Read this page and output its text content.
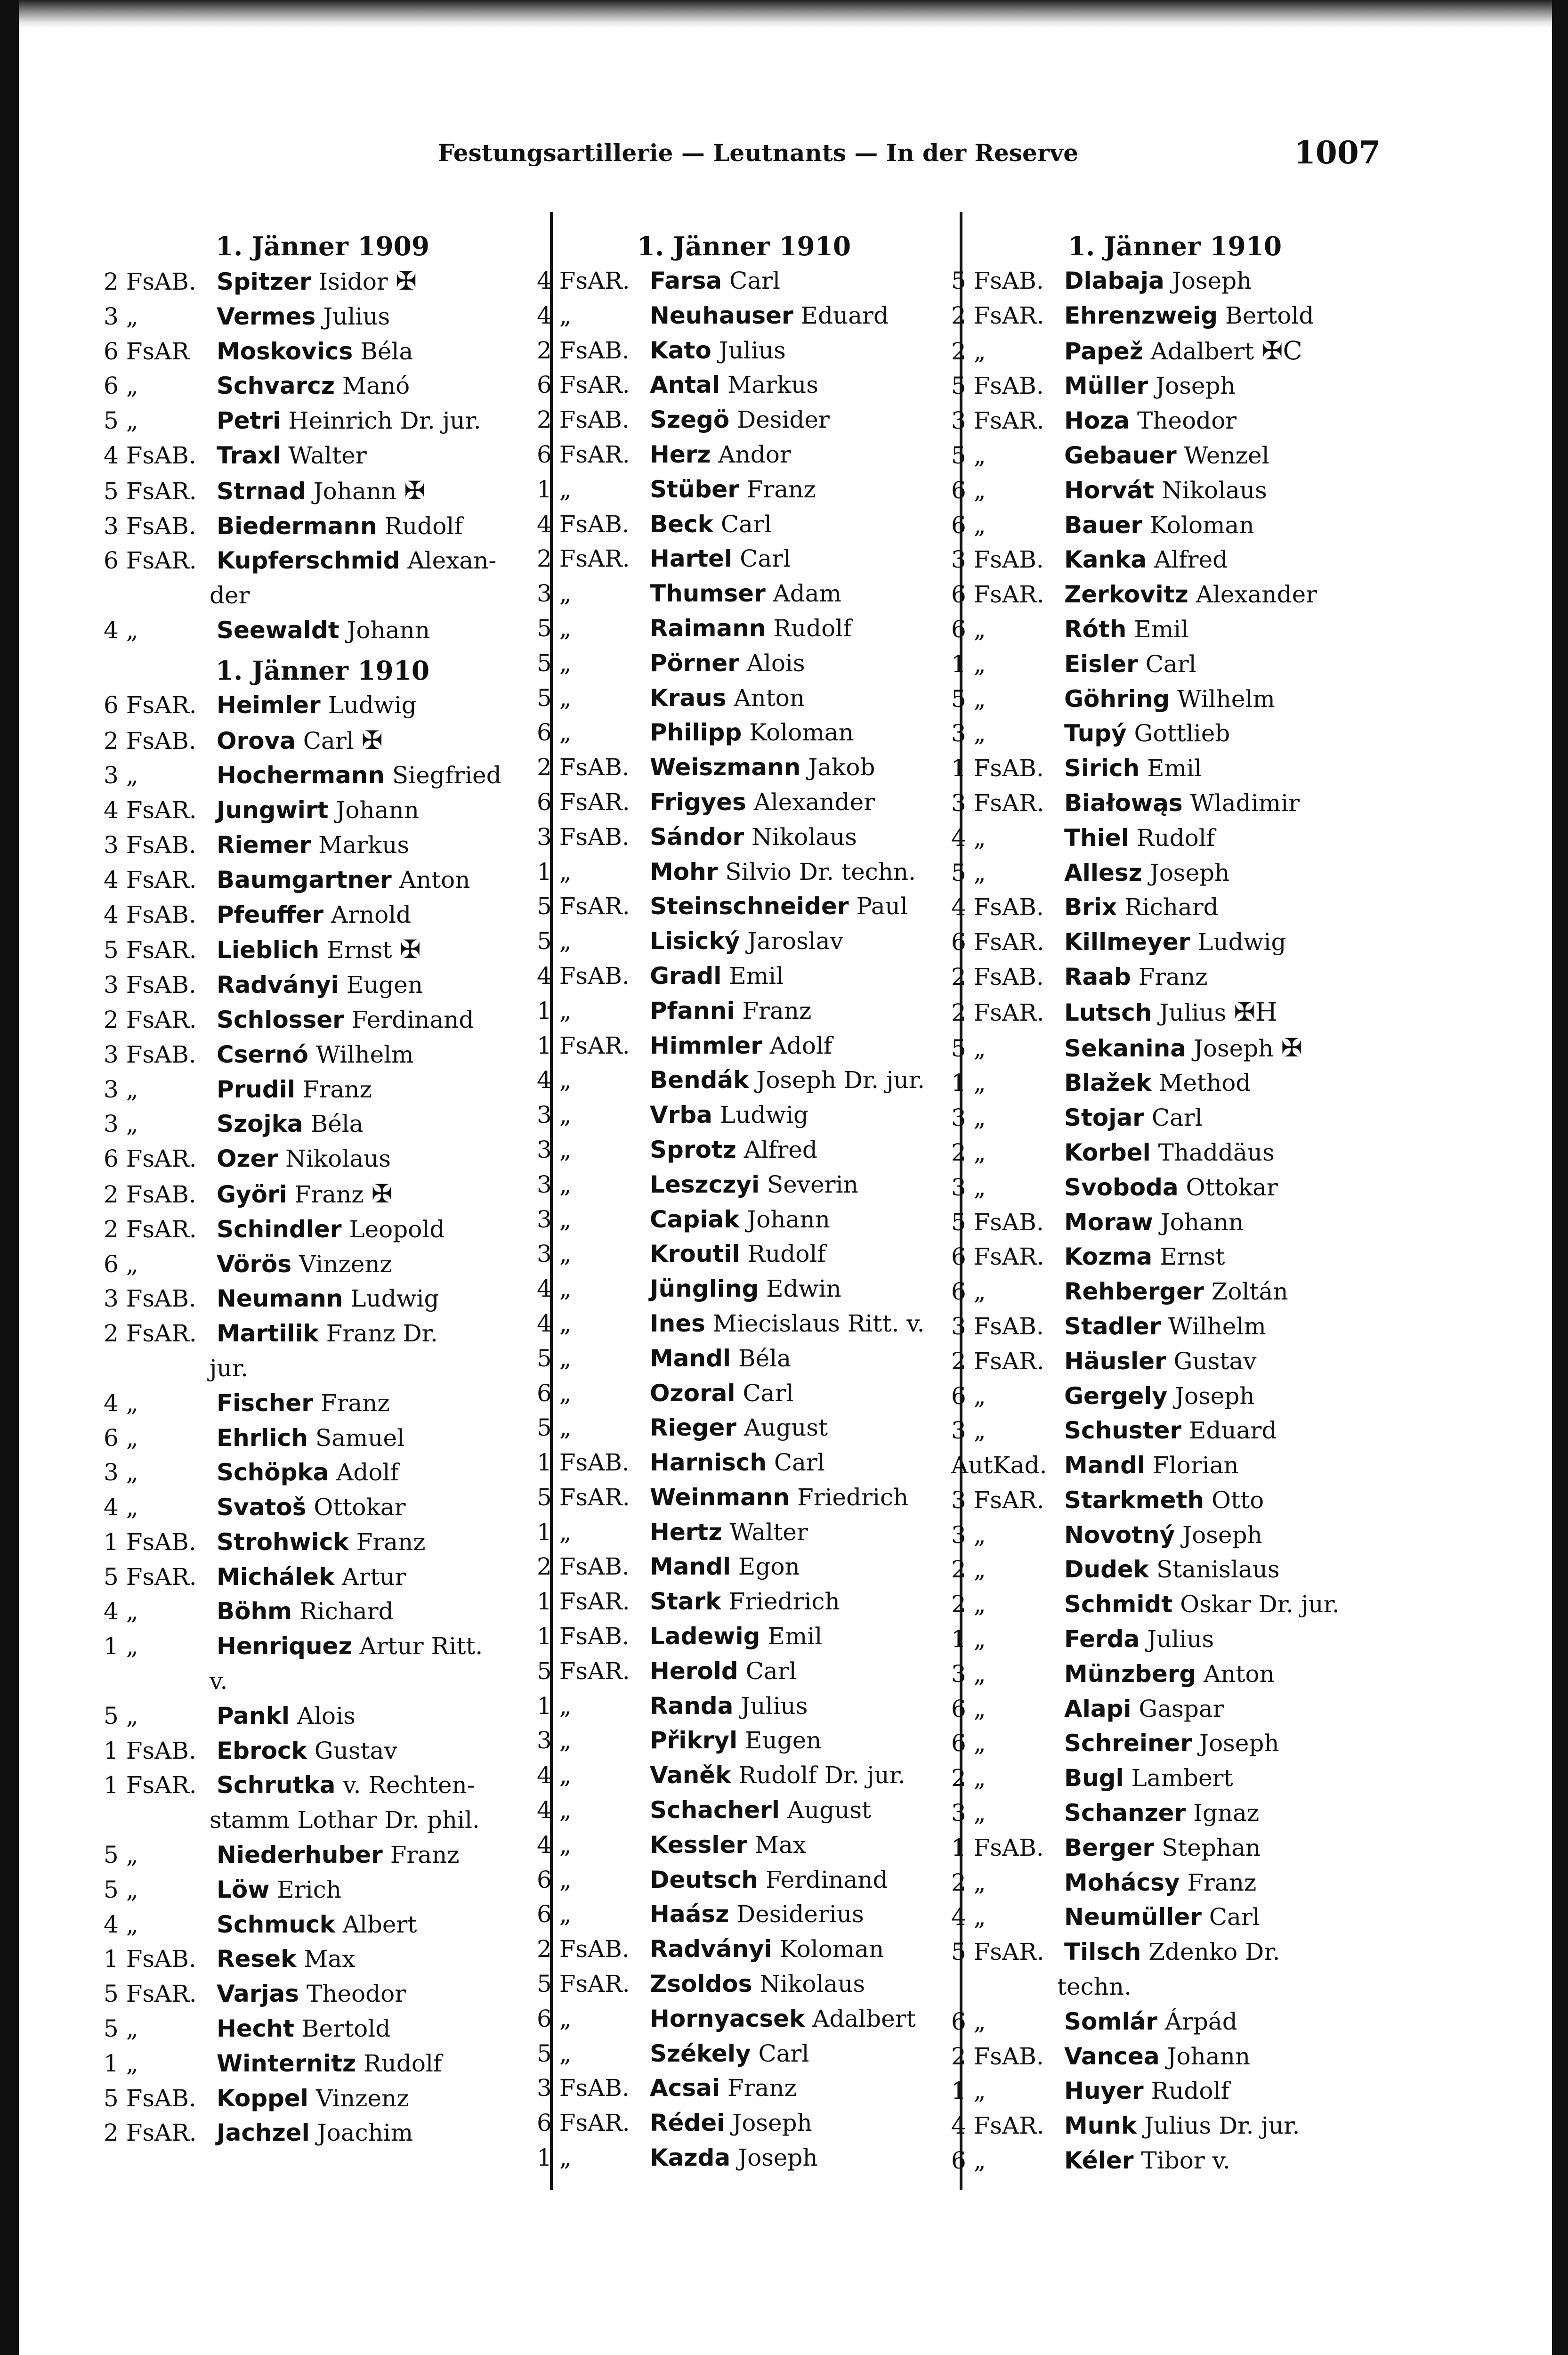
Festungsartillerie — Leutnants — In der Reserve	1007
1. Jänner 1909
2 FsAB. Spitzer Isidor ✠
3 „	Vermes Julius
6 FsAR	Moskovics Béla
6 „	Schvarcz Manó
5 „	Petri Heinrich Dr. jur.
4 FsAB. Traxl Walter
5 FsAR. Strnad Johann ✠
3 FsAB. Biedermann Rudolf
6 FsAR. Kupferschmid Alexan-
der
4 „	Seewaldt Johann
1. Jänner 1910
6 FsAR. Heimler Ludwig
2 FsAB. Orova Carl ✠
3 „	Hochermann Siegfried
4 FsAR. Jungwirt Johann
3 FsAB. Riemer Markus
4 FsAR. Baumgartner Anton
4 FsAB. Pfeuffer Arnold
5 FsAR. Lieblich Ernst ✠
3 FsAB. Radványi Eugen
2 FsAR. Schlosser Ferdinand
3 FsAB. Csernó Wilhelm
3 „	Prudil Franz
3 „	Szojka Béla
6 FsAR. Ozer Nikolaus
2 FsAB. Györi Franz ✠
2 FsAR. Schindler Leopold
6 „	Vörös Vinzenz
3 FsAB. Neumann Ludwig
2 FsAR. Martilik Franz Dr.
jur.
4 „	Fischer Franz
6 „	Ehrlich Samuel
3 „	Schöpka Adolf
4 „	Svatoš Ottokar
1 FsAB. Strohwick Franz
5 FsAR. Michálek Artur
4 „	Böhm Richard
1 „	Henriquez Artur Ritt.
v.
5 „	Pankl Alois
1 FsAB. Ebrock Gustav
1 FsAR. Schrutka v. Rechten-
stamm Lothar Dr. phil.
5 „	Niederhuber Franz
5 „	Löw Erich
4 „	Schmuck Albert
1 FsAB. Resek Max
5 FsAR. Varjas Theodor
5 „	Hecht Bertold
1 „	Winternitz Rudolf
5 FsAB. Koppel Vinzenz
2 FsAR. Jachzel Joachim
1. Jänner 1910
4 FsAR. Farsa Carl
4 „	Neuhauser Eduard
2 FsAB. Kato Julius
6 FsAR. Antal Markus
2 FsAB. Szegö Desider
6 FsAR. Herz Andor
1 „	Stüber Franz
4 FsAB. Beck Carl
2 FsAR. Hartel Carl
3 „	Thumser Adam
5 „	Raimann Rudolf
5 „	Pörner Alois
5 „	Kraus Anton
6 „	Philipp Koloman
2 FsAB. Weiszmann Jakob
6 FsAR. Frigyes Alexander
3 FsAB. Sándor Nikolaus
1 „	Mohr Silvio Dr. techn.
5 FsAR. Steinschneider Paul
5 „	Lisický Jaroslav
4 FsAB. Gradl Emil
1 „	Pfanni Franz
1 FsAR. Himmler Adolf
4 „	Bendák Joseph Dr. jur.
3 „	Vrba Ludwig
3 „	Sprotz Alfred
3 „	Leszczyi Severin
3 „	Capiak Johann
3 „	Kroutil Rudolf
4 „	Jüngling Edwin
4 „	Ines Miecislaus Ritt. v.
5 „	Mandl Béla
6 „	Ozoral Carl
5 „	Rieger August
1 FsAB. Harnisch Carl
5 FsAR. Weinmann Friedrich
1 „	Hertz Walter
2 FsAB. Mandl Egon
1 FsAR. Stark Friedrich
1 FsAB. Ladewig Emil
5 FsAR. Herold Carl
1 „	Randa Julius
3 „	Přikryl Eugen
4 „	Vaněk Rudolf Dr. jur.
4 „	Schacherl August
4 „	Kessler Max
6 „	Deutsch Ferdinand
6 „	Haász Desiderius
2 FsAB. Radványi Koloman
5 FsAR. Zsoldos Nikolaus
6 „	Hornyacsek Adalbert
5 „	Székely Carl
3 FsAB. Acsai Franz
6 FsAR. Rédei Joseph
1 „	Kazda Joseph
1. Jänner 1910
5 FsAB. Dlabaja Joseph
2 FsAR. Ehrenzweig Bertold
2 „	Papež Adalbert ✠C
5 FsAB. Müller Joseph
3 FsAR. Hoza Theodor
5 „	Gebauer Wenzel
6 „	Horvát Nikolaus
6 „	Bauer Koloman
3 FsAB. Kanka Alfred
6 FsAR. Zerkovitz Alexander
6 „	Róth Emil
1 „	Eisler Carl
5 „	Göhring Wilhelm
3 „	Tupý Gottlieb
1 FsAB. Sirich Emil
3 FsAR. Białowąs Wladimir
4 „	Thiel Rudolf
5 „	Allesz Joseph
4 FsAB. Brix Richard
6 FsAR. Killmeyer Ludwig
2 FsAB. Raab Franz
2 FsAR. Lutsch Julius ✠H
5 „	Sekanina Joseph ✠
1 „	Blažek Method
3 „	Stojar Carl
2 „	Korbel Thaddäus
3 „	Svoboda Ottokar
5 FsAB. Moraw Johann
6 FsAR. Kozma Ernst
6 „	Rehberger Zoltán
3 FsAB. Stadler Wilhelm
2 FsAR. Häusler Gustav
6 „	Gergely Joseph
3 „	Schuster Eduard
AutKad. Mandl Florian
3 FsAR. Starkmeth Otto
3 „	Novotný Joseph
2 „	Dudek Stanislaus
2 „	Schmidt Oskar Dr. jur.
1 „	Ferda Julius
3 „	Münzberg Anton
6 „	Alapi Gaspar
6 „	Schreiner Joseph
2 „	Bugl Lambert
3 „	Schanzer Ignaz
1 FsAB. Berger Stephan
2 „	Mohácsy Franz
4 „	Neumüller Carl
5 FsAR. Tilsch Zdenko Dr.
techn.
6 „	Somlár Árpád
2 FsAB. Vancea Johann
1 „	Huyer Rudolf
4 FsAR. Munk Julius Dr. jur.
6 „	Kéler Tibor v.
